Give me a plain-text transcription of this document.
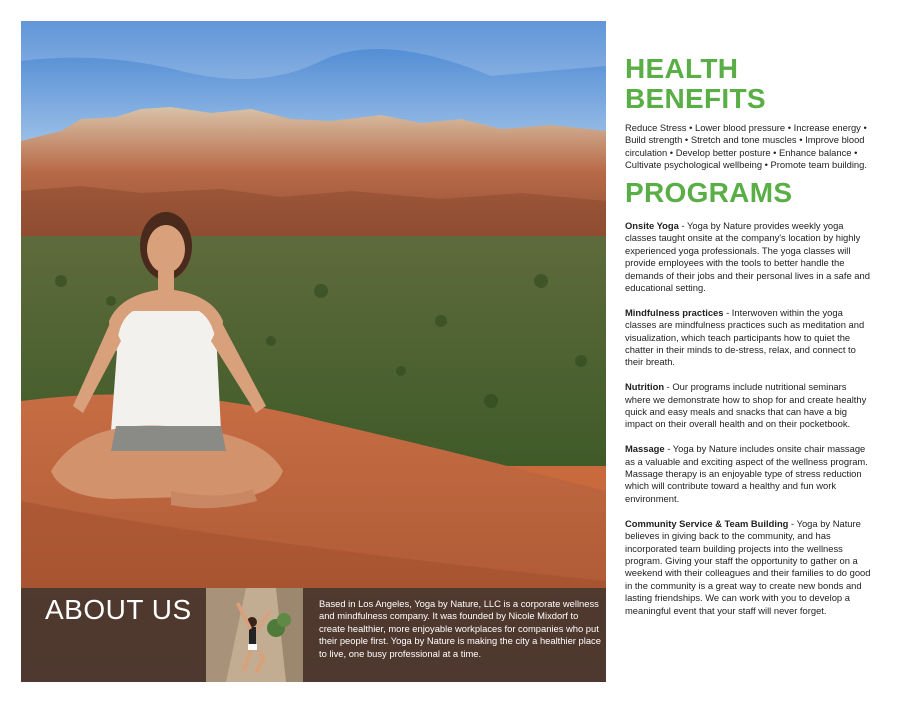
ABOUT US	Based in Los Angeles, Yoga by Nature, LLC is a corporate wellness and mindfulness company. It was founded by Nicole Mixdorf to create healthier, more enjoyable workplaces for companies who put their people first. Yoga by Nature is making the city a healthier place to live, one busy professional at a time.
HEALTH BENEFITS
Reduce Stress • Lower blood pressure • Increase energy • Build strength • Stretch and tone muscles • Improve blood circulation • Develop better posture • Enhance balance • Cultivate psychological wellbeing • Promote team building.
PROGRAMS

Onsite Yoga - Yoga by Nature provides weekly yoga classes taught onsite at the company's location by highly experienced yoga professionals. The yoga classes will provide employees with the tools to better handle the demands of their jobs and their personal lives in a safe and educational setting.

Mindfulness practices - Interwoven within the yoga classes are mindfulness practices such as meditation and visualization, which teach participants how to quiet the chatter in their minds to de-stress, relax, and connect to their breath.

Nutrition - Our programs include nutritional seminars where we demonstrate how to shop for and create healthy quick and easy meals and snacks that can have a big impact on their overall health and on their pocketbook.

Massage - Yoga by Nature includes onsite chair massage as a valuable and exciting aspect of the wellness program. Massage therapy is an enjoyable type of stress reduction which will contribute toward a healthy and fun work environment.

Community Service & Team Building - Yoga by Nature believes in giving back to the community, and has incorporated team building projects into the wellness program. Giving your staff the opportunity to gather on a weekend with their colleagues and their families to do good in the community is a great way to create new bonds and lasting friendships. We can work with you to develop a meaningful event that your staff will never forget.
